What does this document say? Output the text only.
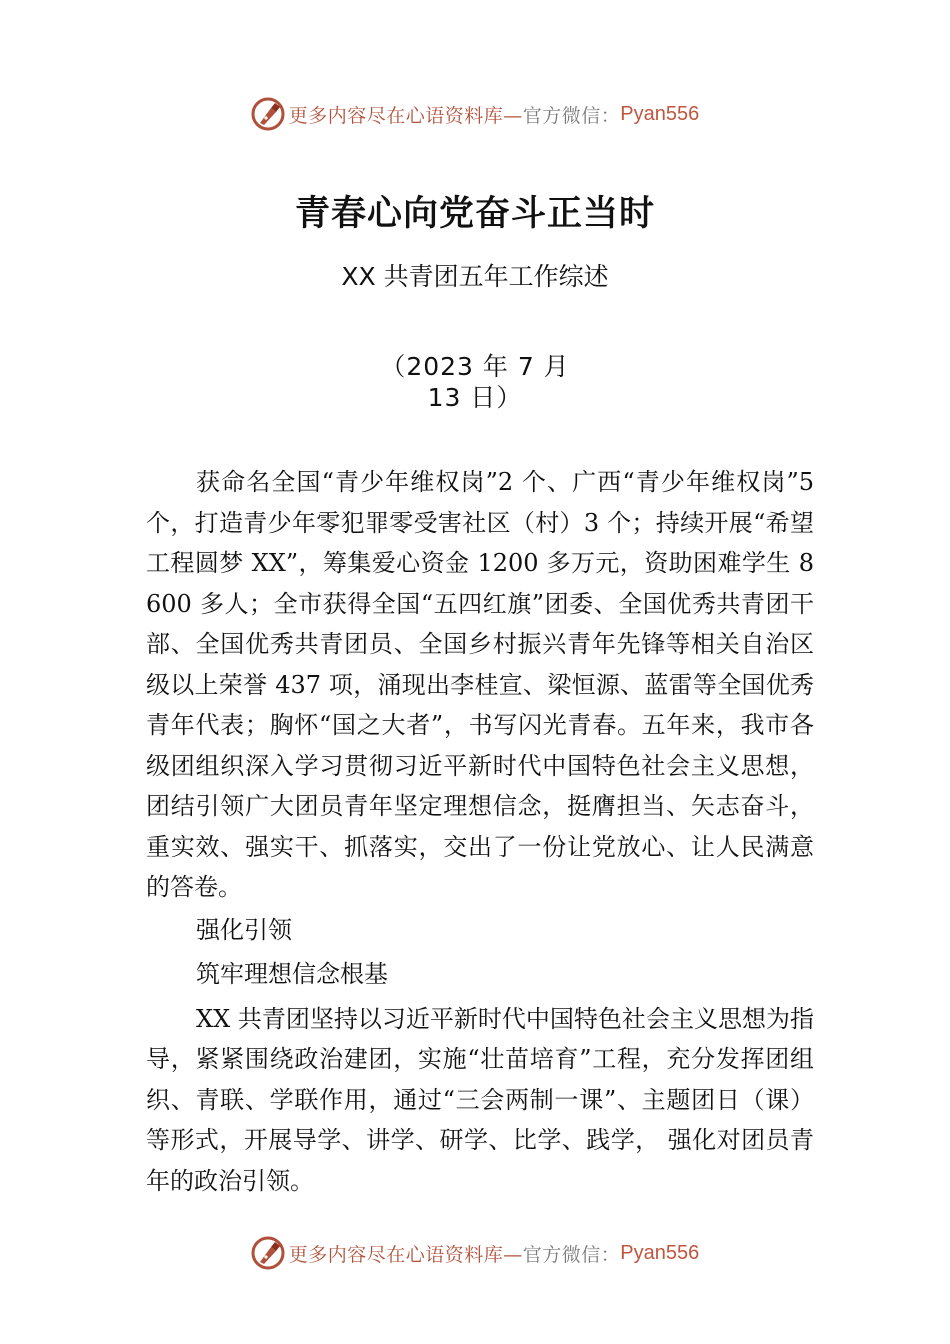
更多内容尽在心语资料库— 官方微信： Pyan556
青春心向党奋斗正当时
XX 共青团五年工作综述
（2023 年 7 月 13 日）

获命名全国“青少年维权岗”2 个、广西“青少年维权岗”5 个，打造青少年零犯罪零受害社区（村）3 个；持续开展“希望工程圆梦 XX”，筹集爱心资金 1200 多万元，资助困难学生 8600 多人；全市获得全国“五四红旗”团委、全国优秀共青团干部、全国优秀共青团员、全国乡村振兴青年先锋等相关自治区级以上荣誉 437 项，涌现出李桂宣、梁恒源、蓝雷等全国优秀青年代表；胸怀“国之大者”，书写闪光青春。五年来，我市各级团组织深入学习贯彻习近平新时代中国特色社会主义思想，团结引领广大团员青年坚定理想信念，挺膺担当、矢志奋斗，重实效、强实干、抓落实，交出了一份让党放心、让人民满意的答卷。

强化引领

筑牢理想信念根基

XX 共青团坚持以习近平新时代中国特色社会主义思想为指导，紧紧围绕政治建团，实施“壮苗培育”工程，充分发挥团组织、青联、学联作用，通过“三会两制一课”、主题团日（课）等形式，开展导学、讲学、研学、比学、践学， 强化对团员青年的政治引领。

更多内容尽在心语资料库— 官方微信： Pyan556
